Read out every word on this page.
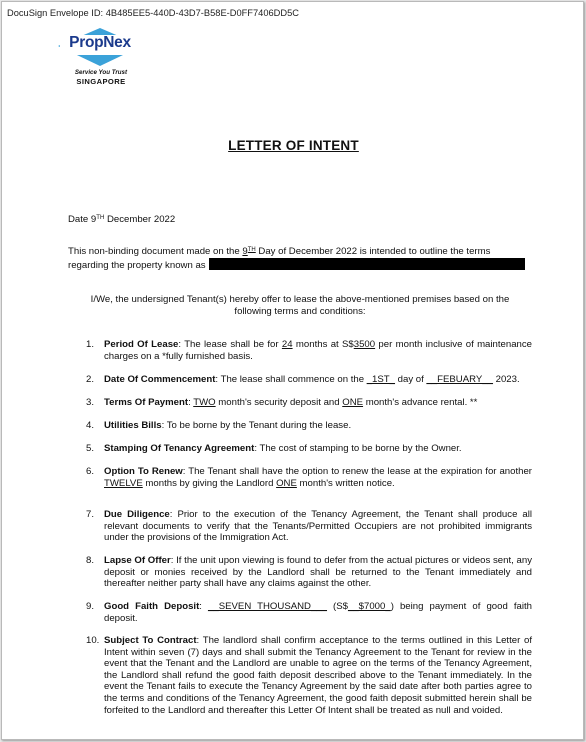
DocuSign Envelope ID: 4B485EE5-440D-43D7-B58E-D0FF7406DD5C
PropNex
Service You Trust
SINGAPORE
LETTER OF INTENT
Date 9TH December 2022
This non-binding document made on the 9TH Day of December 2022 is intended to outline the terms
regarding the property known as
I/We, the undersigned Tenant(s) hereby offer to lease the above-mentioned premises based on the
following terms and conditions:
1. Period Of Lease: The lease shall be for 24 months at S$3500 per month inclusive of maintenance charges on a *fully furnished basis.
2. Date Of Commencement: The lease shall commence on the _1ST_ day of __FEBUARY__ 2023.
3. Terms Of Payment: TWO month's security deposit and ONE month's advance rental. **
4. Utilities Bills: To be borne by the Tenant during the lease.
5. Stamping Of Tenancy Agreement: The cost of stamping to be borne by the Owner.
6. Option To Renew: The Tenant shall have the option to renew the lease at the expiration for another TWELVE months by giving the Landlord ONE month's written notice.
7. Due Diligence: Prior to the execution of the Tenancy Agreement, the Tenant shall produce all relevant documents to verify that the Tenants/Permitted Occupiers are not prohibited immigrants under the provisions of the Immigration Act.
8. Lapse Of Offer: If the unit upon viewing is found to defer from the actual pictures or videos sent, any deposit or monies received by the Landlord shall be returned to the Tenant immediately and thereafter neither party shall have any claims against the other.
9. Good Faith Deposit: __SEVEN THOUSAND___ (S$__$7000_) being payment of good faith deposit.
10. Subject To Contract: The landlord shall confirm acceptance to the terms outlined in this Letter of Intent within seven (7) days and shall submit the Tenancy Agreement to the Tenant for review in the event that the Tenant and the Landlord are unable to agree on the terms of the Tenancy Agreement, the Landlord shall refund the good faith deposit described above to the Tenant immediately. In the event the Tenant fails to execute the Tenancy Agreement by the said date after both parties agree to the terms and conditions of the Tenancy Agreement, the good faith deposit submitted herein shall be forfeited to the Landlord and thereafter this Letter Of Intent shall be treated as null and voided.
